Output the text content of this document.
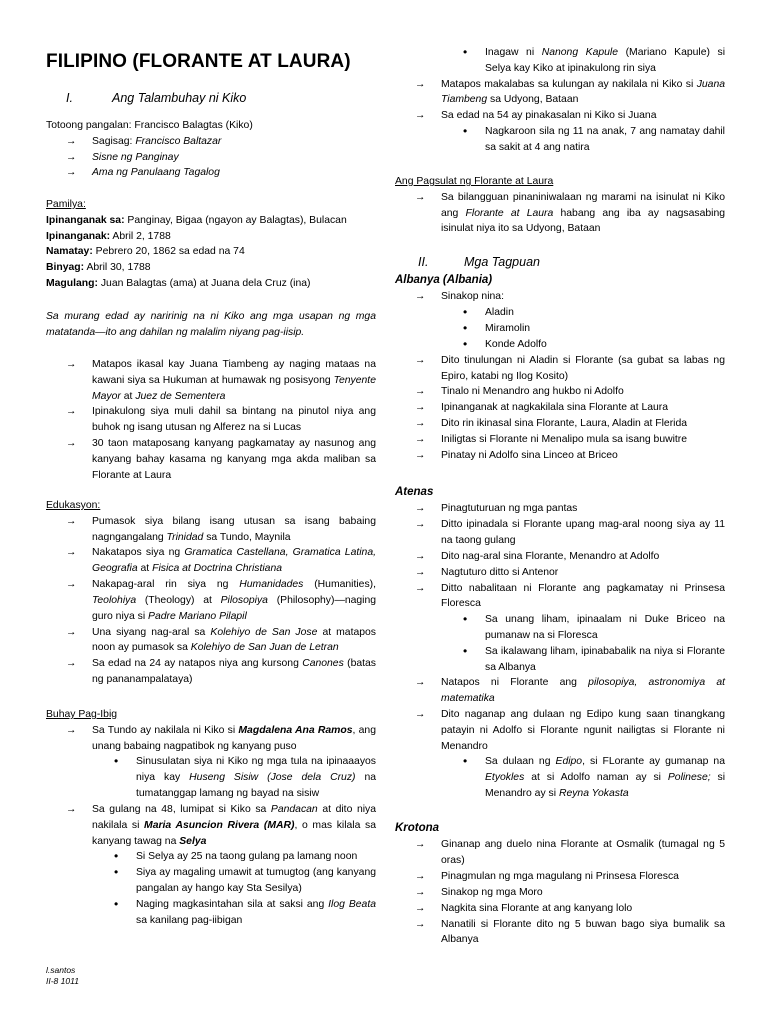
FILIPINO (FLORANTE AT LAURA)
I.	Ang Talambuhay ni Kiko
Totoong pangalan: Francisco Balagtas (Kiko)
→ Sagisag: Francisco Baltazar
→ Sisne ng Panginay
→ Ama ng Panulaang Tagalog
Pamilya:
Ipinanganak sa: Panginay, Bigaa (ngayon ay Balagtas), Bulacan
Ipinanganak: Abril 2, 1788
Namatay: Pebrero 20, 1862 sa edad na 74
Binyag: Abril 30, 1788
Magulang: Juan Balagtas (ama) at Juana dela Cruz (ina)
Sa murang edad ay naririnig na ni Kiko ang mga usapan ng mga matatanda—ito ang dahilan ng malalim niyang pag-iisip.
→ Matapos ikasal kay Juana Tiambeng ay naging mataas na kawani siya sa Hukuman at humawak ng posisyong Tenyente Mayor at Juez de Sementera
→ Ipinakulong siya muli dahil sa bintang na pinutol niya ang buhok ng isang utusan ng Alferez na si Lucas
→ 30 taon mataposang kanyang pagkamatay ay nasunog ang kanyang bahay kasama ng kanyang mga akda maliban sa Florante at Laura
Edukasyon:
→ Pumasok siya bilang isang utusan sa isang babaing nagngangalang Trinidad sa Tundo, Maynila
→ Nakatapos siya ng Gramatica Castellana, Gramatica Latina, Geografia at Fisica at Doctrina Christiana
→ Nakapag-aral rin siya ng Humanidades (Humanities), Teolohiya (Theology) at Pilosopiya (Philosophy)—naging guro niya si Padre Mariano Pilapil
→ Una siyang nag-aral sa Kolehiyo de San Jose at matapos noon ay pumasok sa Kolehiyo de San Juan de Letran
→ Sa edad na 24 ay natapos niya ang kursong Canones (batas ng pananampalataya)
Buhay Pag-Ibig
→ Sa Tundo ay nakilala ni Kiko si Magdalena Ana Ramos, ang unang babaing nagpatibok ng kanyang puso
• Sinusulatan siya ni Kiko ng mga tula na ipinaaayos niya kay Huseng Sisiw (Jose dela Cruz) na tumatanggap lamang ng bayad na sisiw
→ Sa gulang na 48, lumipat si Kiko sa Pandacan at dito niya nakilala si Maria Asuncion Rivera (MAR), o mas kilala sa kanyang tawag na Selya
• Si Selya ay 25 na taong gulang pa lamang noon
• Siya ay magaling umawit at tumugtog (ang kanyang pangalan ay hango kay Sta Sesilya)
• Naging magkasintahan sila at saksi ang Ilog Beata sa kanilang pag-iibigan
l.santos
II-8 1011
• Inagaw ni Nanong Kapule (Mariano Kapule) si Selya kay Kiko at ipinakulong rin siya
→ Matapos makalabas sa kulungan ay nakilala ni Kiko si Juana Tiambeng sa Udyong, Bataan
→ Sa edad na 54 ay pinakasalan ni Kiko si Juana
• Nagkaroon sila ng 11 na anak, 7 ang namatay dahil sa sakit at 4 ang natira
Ang Pagsulat ng Florante at Laura
→ Sa bilangguan pinaniniwalaan ng marami na isinulat ni Kiko ang Florante at Laura habang ang iba ay nagsasabing isinulat niya ito sa Udyong, Bataan
II.	Mga Tagpuan
Albanya (Albania)
→ Sinakop nina:
• Aladin
• Miramolin
• Konde Adolfo
→ Dito tinulungan ni Aladin si Florante (sa gubat sa labas ng Epiro, katabi ng Ilog Kosito)
→ Tinalo ni Menandro ang hukbo ni Adolfo
→ Ipinanganak at nagkakilala sina Florante at Laura
→ Dito rin ikinasal sina Florante, Laura, Aladin at Flerida
→ Iniligtas si Florante ni Menalipo mula sa isang buwitre
→ Pinatay ni Adolfo sina Linceo at Briceo
Atenas
→ Pinagtuturuan ng mga pantas
→ Ditto ipinadala si Florante upang mag-aral noong siya ay 11 na taong gulang
→ Dito nag-aral sina Florante, Menandro at Adolfo
→ Nagtuturo ditto si Antenor
→ Ditto nabalitaan ni Florante ang pagkamatay ni Prinsesa Floresca
• Sa unang liham, ipinaalam ni Duke Briceo na pumanaw na si Floresca
• Sa ikalawang liham, ipinababalik na niya si Florante sa Albanya
→ Natapos ni Florante ang pilosopiya, astronomiya at matematika
→ Dito naganap ang dulaan ng Edipo kung saan tinangkang patayin ni Adolfo si Florante ngunit nailigtas si Florante ni Menandro
• Sa dulaan ng Edipo, si FLorante ay gumanap na Etyokles at si Adolfo naman ay si Polinese; si Menandro ay si Reyna Yokasta
Krotona
→ Ginanap ang duelo nina Florante at Osmalik (tumagal ng 5 oras)
→ Pinagmulan ng mga magulang ni Prinsesa Floresca
→ Sinakop ng mga Moro
→ Nagkita sina Florante at ang kanyang lolo
→ Nanatili si Florante dito ng 5 buwan bago siya bumalik sa Albanya
